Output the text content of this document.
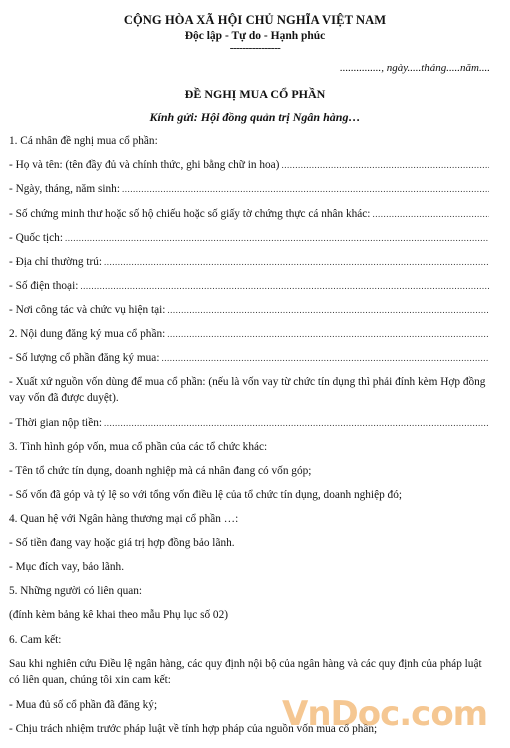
CỘNG HÒA XÃ HỘI CHỦ NGHĨA VIỆT NAM
Độc lập - Tự do - Hạnh phúc
----------------
..............., ngày.....tháng.....năm....
ĐỀ NGHỊ MUA CỔ PHẦN
Kính gửi: Hội đồng quản trị Ngân hàng…
1. Cá nhân đề nghị mua cổ phần:
- Họ và tên: (tên đầy đủ và chính thức, ghi bằng chữ in hoa)
.....
- Ngày, tháng, năm sinh:
.....
- Số chứng minh thư hoặc số hộ chiếu hoặc số giấy tờ chứng thực cá nhân khác:
.....
- Quốc tịch:
.....
- Địa chỉ thường trú:
.....
- Số điện thoại:
.....
- Nơi công tác và chức vụ hiện tại:
.....
2. Nội dung đăng ký mua cổ phần:
.....
- Số lượng cổ phần đăng ký mua:
.....
- Xuất xứ nguồn vốn dùng để mua cổ phần: (nếu là vốn vay từ chức tín dụng thì phải đính kèm Hợp đồng vay vốn đã được duyệt).
- Thời gian nộp tiền:
.....
3. Tình hình góp vốn, mua cổ phần của các tổ chức khác:
- Tên tổ chức tín dụng, doanh nghiệp mà cá nhân đang có vốn góp;
- Số vốn đã góp và tỷ lệ so với tổng vốn điều lệ của tổ chức tín dụng, doanh nghiệp đó;
4. Quan hệ với Ngân hàng thương mại cổ phần …:
- Số tiền đang vay hoặc giá trị hợp đồng bảo lãnh.
- Mục đích vay, bảo lãnh.
5. Những người có liên quan:
(đính kèm bảng kê khai theo mẫu Phụ lục số 02)
6. Cam kết:
Sau khi nghiên cứu Điều lệ ngân hàng, các quy định nội bộ của ngân hàng và các quy định của pháp luật có liên quan, chúng tôi xin cam kết:
- Mua đủ số cổ phần đã đăng ký;
- Chịu trách nhiệm trước pháp luật về tính hợp pháp của nguồn vốn mua cổ phần;
VnDoc.com
